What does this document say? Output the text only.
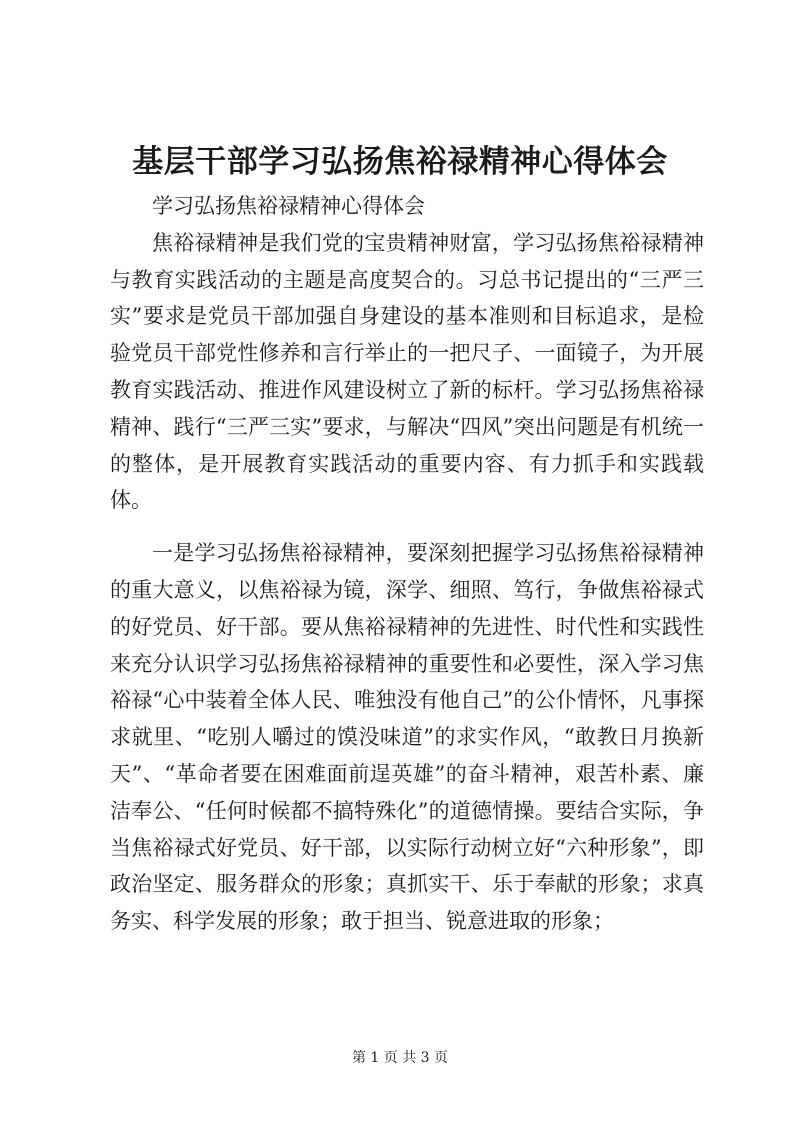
基层干部学习弘扬焦裕禄精神心得体会

学习弘扬焦裕禄精神心得体会

焦裕禄精神是我们党的宝贵精神财富，学习弘扬焦裕禄精神与教育实践活动的主题是高度契合的。习总书记提出的“三严三实”要求是党员干部加强自身建设的基本准则和目标追求，是检验党员干部党性修养和言行举止的一把尺子、一面镜子，为开展教育实践活动、推进作风建设树立了新的标杆。学习弘扬焦裕禄精神、践行“三严三实”要求，与解决“四风”突出问题是有机统一的整体，是开展教育实践活动的重要内容、有力抓手和实践载体。

一是学习弘扬焦裕禄精神，要深刻把握学习弘扬焦裕禄精神的重大意义，以焦裕禄为镜，深学、细照、笃行，争做焦裕禄式的好党员、好干部。要从焦裕禄精神的先进性、时代性和实践性来充分认识学习弘扬焦裕禄精神的重要性和必要性，深入学习焦裕禄“心中装着全体人民、唯独没有他自己”的公仆情怀，凡事探求就里、“吃别人嚼过的馍没味道”的求实作风，“敢教日月换新天”、“革命者要在困难面前逞英雄”的奋斗精神，艰苦朴素、廉洁奉公、“任何时候都不搞特殊化”的道德情操。要结合实际，争当焦裕禄式好党员、好干部，以实际行动树立好“六种形象”，即政治坚定、服务群众的形象；真抓实干、乐于奉献的形象；求真务实、科学发展的形象；敢于担当、锐意进取的形象；

第 1 页 共 3 页
